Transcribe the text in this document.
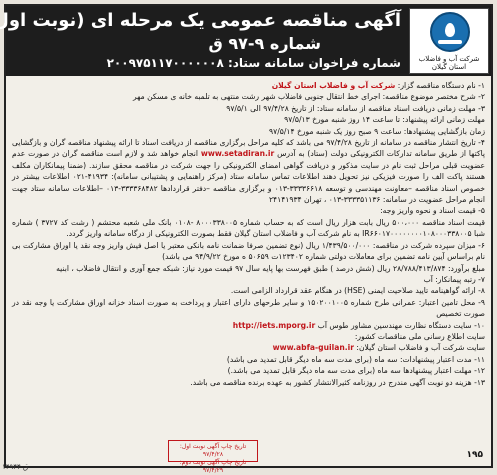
آگهی مناقصه عمومی یک مرحله ای (نوبت اول)
شماره ۹-۹۷ ق
شماره فراخوان سامانه ستاد: ۲۰۰۹۷۵۱۱۷۰۰۰۰۰۰۸	شرکت آب و فاضلاب
استان گیلان

۱- نام دستگاه مناقصه گزار: شرکت آب و فاضلاب استان گیلان

۲- شرح مختصر موضوع مناقصه: اجرای خط انتقال جنوبی فاضلاب شهر رشت منتهی به تلمبه خانه ی مسکن مهر

۳- مهلت زمانی دریافت اسناد مناقصه از سامانه ستاد: از تاریخ ۹۷/۴/۲۸ الی ۹۷/۵/۱

مهلت زمانی ارائه پیشنهاد: تا ساعت ۱۴ روز شنبه مورخ ۹۷/۵/۱۳

زمان بازگشایی پیشنهادها: ساعت ۹ صبح روز یک شنبه مورخ ۹۷/۵/۱۴

۴- تاریخ انتشار مناقصه در سامانه از تاریخ ۹۷/۴/۲۸ می باشد که کلیه مراحل برگزاری مناقصه از دریافت اسناد تا ارائه پیشنهاد مناقصه گران و بازگشایی پاکتها از طریق سامانه تدارکات الکترونیکی دولت (ستاد) به آدرس www.setadiran.ir انجام خواهد شد و لازم است مناقصه گران در صورت عدم عضویت قبلی مراحل ثبت نام در سایت مذکور و دریافت گواهی امضای الکترونیکی را جهت شرکت در مناقصه محقق سازند. (ضمنا پیمانکاران مکلف هستند پاکت الف را صورت فیزیکی نیز تحویل دهند اطلاعات تماس سامانه ستاد (مرکز راهنمایی و پشتیبانی سامانه): ۴۱۹۳۴-۰۲۱ اطلاعات بیشتر در خصوص اسناد مناقصه –معاونت مهندسی و توسعه ۳۳۳۳۶۶۱۸-۰۱۳ و برگزاری مناقصه –دفتر قراردادها ۳۳۳۳۶۸۴۸۲-۰۱۳ –اطلاعات سامانه ستاد جهت انجام مراحل عضویت در سامانه: ۳۳۳۳۵۱۱۳۶-۰۱۳ ، تهران ۲۴۱۴۱۹۳۴

۵- قیمت اسناد و نحوه واریز وجه:

قیمت اسناد مناقصه ۵۰۰،۰۰۰ ریال بابت هزار ریال است که به حساب شماره ۸۰۰۰۳۳۸۰۰۵ -۰۱۰۸ بانک ملی شعبه محتشم ( رشت کد ۳۷۲۷ ) شماره شبا IR۶۶۰۱۷۰۰۰۰۰۰۰۰۱۰۸۰۰۰۳۳۸۰۰۵ به نام شرکت آب و فاضلاب استان گیلان فقط بصورت الکترونیکی از درگاه سامانه واریز گردد.

۶- میزان سپرده شرکت در مناقصه: ۱/۴۳۹/۵۰۰/۰۰۰ ریال (نوع تضمین صرفا ضمانت نامه بانکی معتبر یا اصل فیش واریز وجه نقد یا اوراق مشارکت بی نام براساس آیین نامه تضمین برای معاملات دولتی شماره ۱۲۳۴۰۲ت ۵۰۶۵۹ ه مورخ ۹۴/۹/۲۲ می باشد)

مبلغ برآورد: ۲۸/۷۸۸/۴۱۳/۸۷۴ ریال (شش درصد ) طبق فهرست بها پایه سال ۹۷ قیمت مورد نیاز: شبکه جمع آوری و انتقال فاضلاب ، ابنیه

۷- رتبه پیمانکار: آب

۸- ارائه گواهینامه تایید صلاحیت ایمنی (HSE) در هنگام عقد قرارداد الزامی است.

۹- محل تامین اعتبار: عمرانی طرح شماره ۱۵۰۲۰۰۱۰۰۵ و سایر طرحهای دارای اعتبار و پرداخت به صورت اسناد خزانه اوراق مشارکت یا وجه نقد در صورت تخصیص

۱۰- سایت دستگاه نظارت مهندسین مشاور طوس آب http://iets.mporg.ir

سایت اطلاع رسانی ملی مناقصات کشور:

سایت شرکت آب و فاضلاب استان گیلان: www.abfa-guilan.ir

۱۱- مدت اعتبار پیشنهادات: سه ماه (برای مدت سه ماه دیگر قابل تمدید می باشد)

۱۲- مهلت اعتبار پیشنهادها سه ماه (برای مدت سه ماه دیگر قابل تمدید می باشد.)

۱۳- هزینه دو نوبت آگهی مندرج در روزنامه کثیرالانتشار کشور به عهده برنده مناقصه می باشد.

تاریخ چاپ آگهی نوبت اول: ۹۷/۴/۲۸
تاریخ چاپ آگهی نوبت دوم: ۹۷/۴/۲۹
۱۹۵
ق ۱۴۹۴۴
